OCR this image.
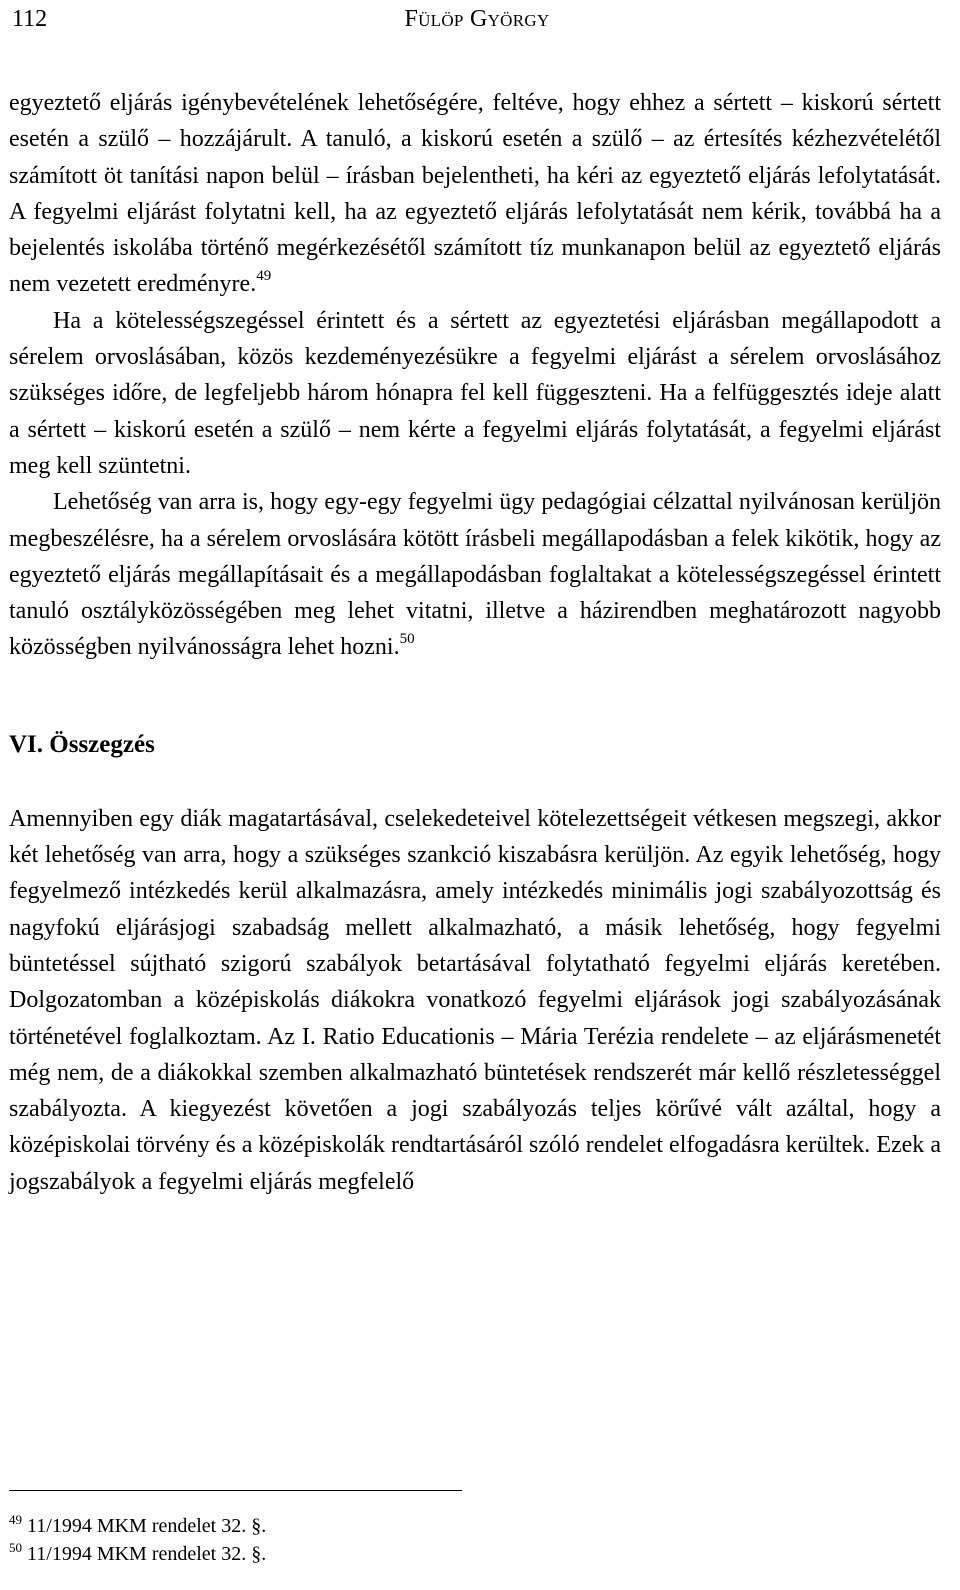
112	Fülöp György

egyeztető eljárás igénybevételének lehetőségére, feltéve, hogy ehhez a sértett – kiskorú sértett esetén a szülő – hozzájárult. A tanuló, a kiskorú esetén a szülő – az értesítés kézhezvételétől számított öt tanítási napon belül – írásban bejelentheti, ha kéri az egyeztető eljárás lefolytatását. A fegyelmi eljárást folytatni kell, ha az egyeztető eljárás lefolytatását nem kérik, továbbá ha a bejelentés iskolába történő megérkezésétől számított tíz munkanapon belül az egyeztető eljárás nem vezetett eredményre.$^{49}$

Ha a kötelességszegéssel érintett és a sértett az egyeztetési eljárásban megállapodott a sérelem orvoslásában, közös kezdeményezésükre a fegyelmi eljárást a sérelem orvoslásához szükséges időre, de legfeljebb három hónapra fel kell függeszteni. Ha a felfüggesztés ideje alatt a sértett – kiskorú esetén a szülő – nem kérte a fegyelmi eljárás folytatását, a fegyelmi eljárást meg kell szüntetni.

Lehetőség van arra is, hogy egy-egy fegyelmi ügy pedagógiai célzattal nyilvánosan kerüljön megbeszélésre, ha a sérelem orvoslására kötött írásbeli megállapodásban a felek kikötik, hogy az egyeztető eljárás megállapításait és a megállapodásban foglaltakat a kötelességszegéssel érintett tanuló osztályközösségében meg lehet vitatni, illetve a házirendben meghatározott nagyobb közösségben nyilvánosságra lehet hozni.$^{50}$

VI. Összegzés

Amennyiben egy diák magatartásával, cselekedeteivel kötelezettségeit vétkesen megszegi, akkor két lehetőség van arra, hogy a szükséges szankció kiszabásra kerüljön. Az egyik lehetőség, hogy fegyelmező intézkedés kerül alkalmazásra, amely intézkedés minimális jogi szabályozottság és nagyfokú eljárásjogi szabadság mellett alkalmazható, a másik lehetőség, hogy fegyelmi büntetéssel sújtható szigorú szabályok betartásával folytatható fegyelmi eljárás keretében. Dolgozatomban a középiskolás diákokra vonatkozó fegyelmi eljárások jogi szabályozásának történetével foglalkoztam. Az I. Ratio Educationis – Mária Terézia rendelete – az eljárásmenetét még nem, de a diákokkal szemben alkalmazható büntetések rendszerét már kellő részletességgel szabályozta. A kiegyezést követően a jogi szabályozás teljes körűvé vált azáltal, hogy a középiskolai törvény és a középiskolák rendtartásáról szóló rendelet elfogadásra kerültek. Ezek a jogszabályok a fegyelmi eljárás megfelelő

$^{49}$ 11/1994 MKM rendelet 32. §.

$^{50}$ 11/1994 MKM rendelet 32. §.
